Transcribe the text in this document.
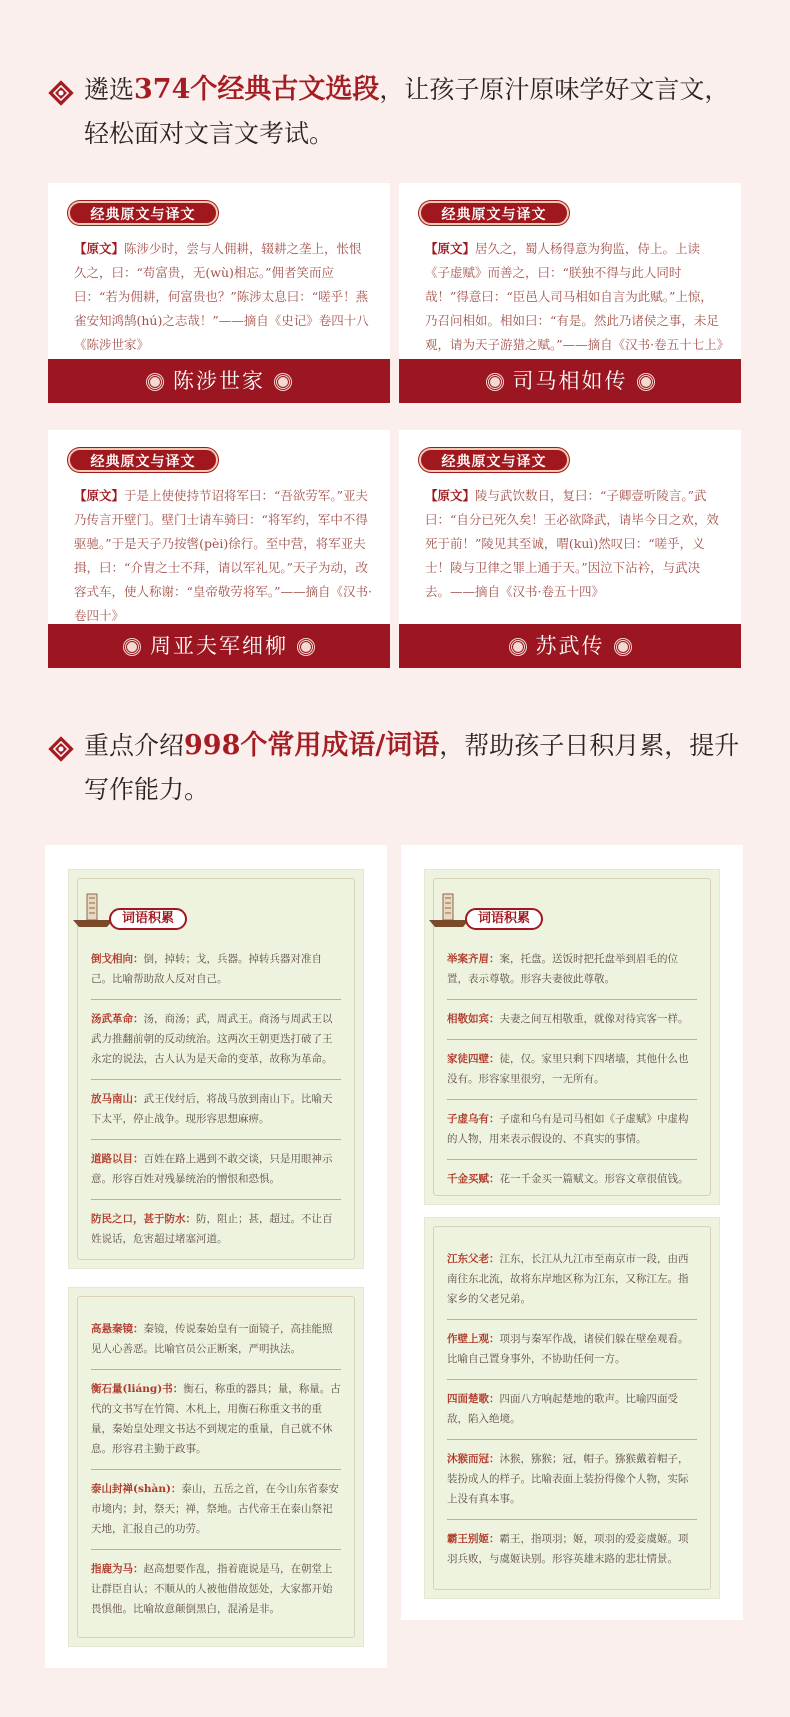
遴选374个经典古文选段，让孩子原汁原味学好文言文，轻松面对文言文考试。
经典原文与译文
【原文】陈涉少时，尝与人佣耕，辍耕之垄上，怅恨久之，曰：“苟富贵，无(wù)相忘。”佣者笑而应曰：“若为佣耕，何富贵也？”陈涉太息曰：“嗟乎！燕雀安知鸿鹄(hú)之志哉！”——摘自《史记》卷四十八《陈涉世家》
陈涉世家
经典原文与译文
【原文】居久之，蜀人杨得意为狗监，侍上。上读《子虚赋》而善之，曰：“朕独不得与此人同时哉！”得意曰：“臣邑人司马相如自言为此赋。”上惊，乃召问相如。相如曰：“有是。然此乃诸侯之事，未足观，请为天子游猎之赋。”——摘自《汉书·卷五十七上》
司马相如传
经典原文与译文
【原文】于是上使使持节诏将军曰：“吾欲劳军。”亚夫乃传言开壁门。壁门士请车骑曰：“将军约，军中不得驱驰。”于是天子乃按辔(pèi)徐行。至中营，将军亚夫揖，曰：“介胄之士不拜，请以军礼见。”天子为动，改容式车，使人称谢：“皇帝敬劳将军。”——摘自《汉书·卷四十》
周亚夫军细柳
经典原文与译文
【原文】陵与武饮数日，复曰：“子卿壹听陵言。”武曰：“自分已死久矣！王必欲降武，请毕今日之欢，效死于前！”陵见其至诚，喟(kuì)然叹曰：“嗟乎，义士！陵与卫律之罪上通于天。”因泣下沾衿，与武决去。——摘自《汉书·卷五十四》
苏武传
重点介绍998个常用成语/词语，帮助孩子日积月累，提升写作能力。
词语积累
倒戈相向：倒，掉转；戈，兵器。掉转兵器对准自己。比喻帮助敌人反对自己。
汤武革命：汤，商汤；武，周武王。商汤与周武王以武力推翻前朝的反动统治。这两次王朝更迭打破了王永定的说法，古人认为是天命的变革，故称为革命。
放马南山：武王伐纣后，将战马放到南山下。比喻天下太平，停止战争。现形容思想麻痹。
道路以目：百姓在路上遇到不敢交谈，只是用眼神示意。形容百姓对残暴统治的憎恨和恐惧。
防民之口，甚于防水：防，阻止；甚，超过。不让百姓说话，危害超过堵塞河道。
高悬秦镜：秦镜，传说秦始皇有一面镜子，高挂能照见人心善恶。比喻官员公正断案，严明执法。
衡石量(liáng)书：衡石，称重的器具；量，称量。古代的文书写在竹简、木札上，用衡石称重文书的重量，秦始皇处理文书达不到规定的重量，自己就不休息。形容君主勤于政事。
泰山封禅(shàn)：泰山，五岳之首，在今山东省泰安市境内；封，祭天；禅，祭地。古代帝王在泰山祭祀天地，汇报自己的功劳。
指鹿为马：赵高想要作乱，指着鹿说是马，在朝堂上让群臣自认；不顺从的人被他借故惩处，大家都开始畏惧他。比喻故意颠倒黑白，混淆是非。
词语积累
举案齐眉：案，托盘。送饭时把托盘举到眉毛的位置，表示尊敬。形容夫妻彼此尊敬。
相敬如宾：夫妻之间互相敬重，就像对待宾客一样。
家徒四壁：徒，仅。家里只剩下四堵墙，其他什么也没有。形容家里很穷，一无所有。
子虚乌有：子虚和乌有是司马相如《子虚赋》中虚构的人物，用来表示假设的、不真实的事情。
千金买赋：花一千金买一篇赋文。形容文章很值钱。
江东父老：江东，长江从九江市至南京市一段，由西南往东北流，故将东岸地区称为江东，又称江左。指家乡的父老兄弟。
作壁上观：项羽与秦军作战，诸侯们躲在壁垒观看。比喻自己置身事外，不协助任何一方。
四面楚歌：四面八方响起楚地的歌声。比喻四面受敌，陷入绝境。
沐猴而冠：沐猴，猕猴；冠，帽子。猕猴戴着帽子，装扮成人的样子。比喻表面上装扮得像个人物，实际上没有真本事。
霸王别姬：霸王，指项羽；姬，项羽的爱妾虞姬。项羽兵败，与虞姬诀别。形容英雄末路的悲壮情景。
